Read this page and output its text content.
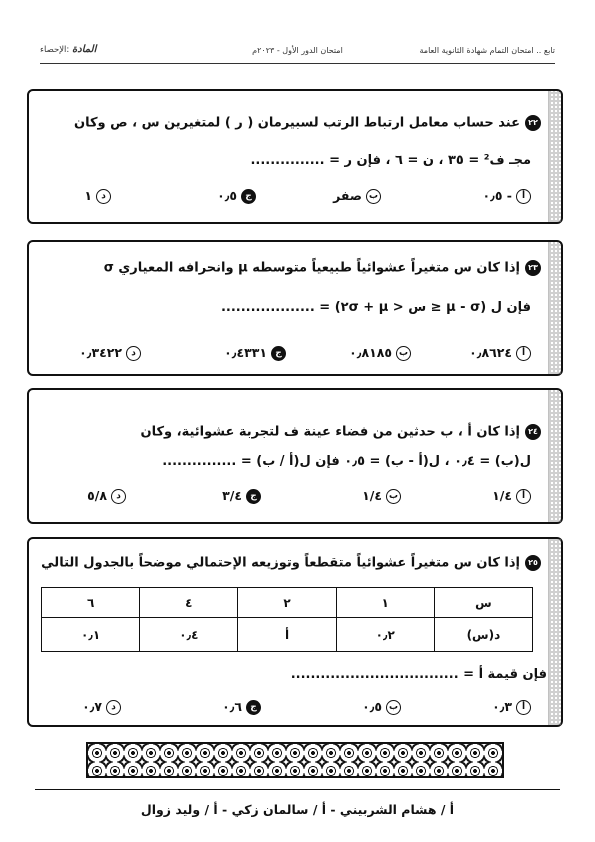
تابع .. امتحان التمام شهادة الثانوية العامة
امتحان الدور الأول - ٢٠٢٣م
المادة :الإحصاء
٢٢عند حساب معامل ارتباط الرتب لسبيرمان ( ر ) لمتغيرين س ، ص وكان
مجـ ف² = ٣٥ ، ن = ٦ ، فإن ر = ...............
أ- ٠٫٥
بصفر
ج٠٫٥
د١
٢٣إذا كان س متغيراً عشوائياً طبيعياً متوسطه μ وانحرافه المعياري σ
فإن ل (μ - σ ≤ س < μ + ٢σ) = ...................
أ٠٫٨٦٢٤
ب٠٫٨١٨٥
ج٠٫٤٣٣١
د٠٫٣٤٢٢
٢٤إذا كان أ ، ب حدثين من فضاء عينة ف لتجربة عشوائية، وكان
ل(ب) = ٠٫٤ ، ل(أ - ب) = ٠٫٥ فإن ل(أ / ب) = ...............
أ١/٤
ب١/٤
ج٣/٤
د٥/٨
٢٥إذا كان س متغيراً عشوائياً متقطعاً وتوزيعه الإحتمالي موضحاً بالجدول التالي
س	١	٢	٤	٦
د(س)	٠٫٢	أ	٠٫٤	٠٫١
فإن قيمة أ = ..................................
أ٠٫٣
ب٠٫٥
ج٠٫٦
د٠٫٧
أ / هشام الشربيني - أ / سالمان زكي - أ / وليد زوال
